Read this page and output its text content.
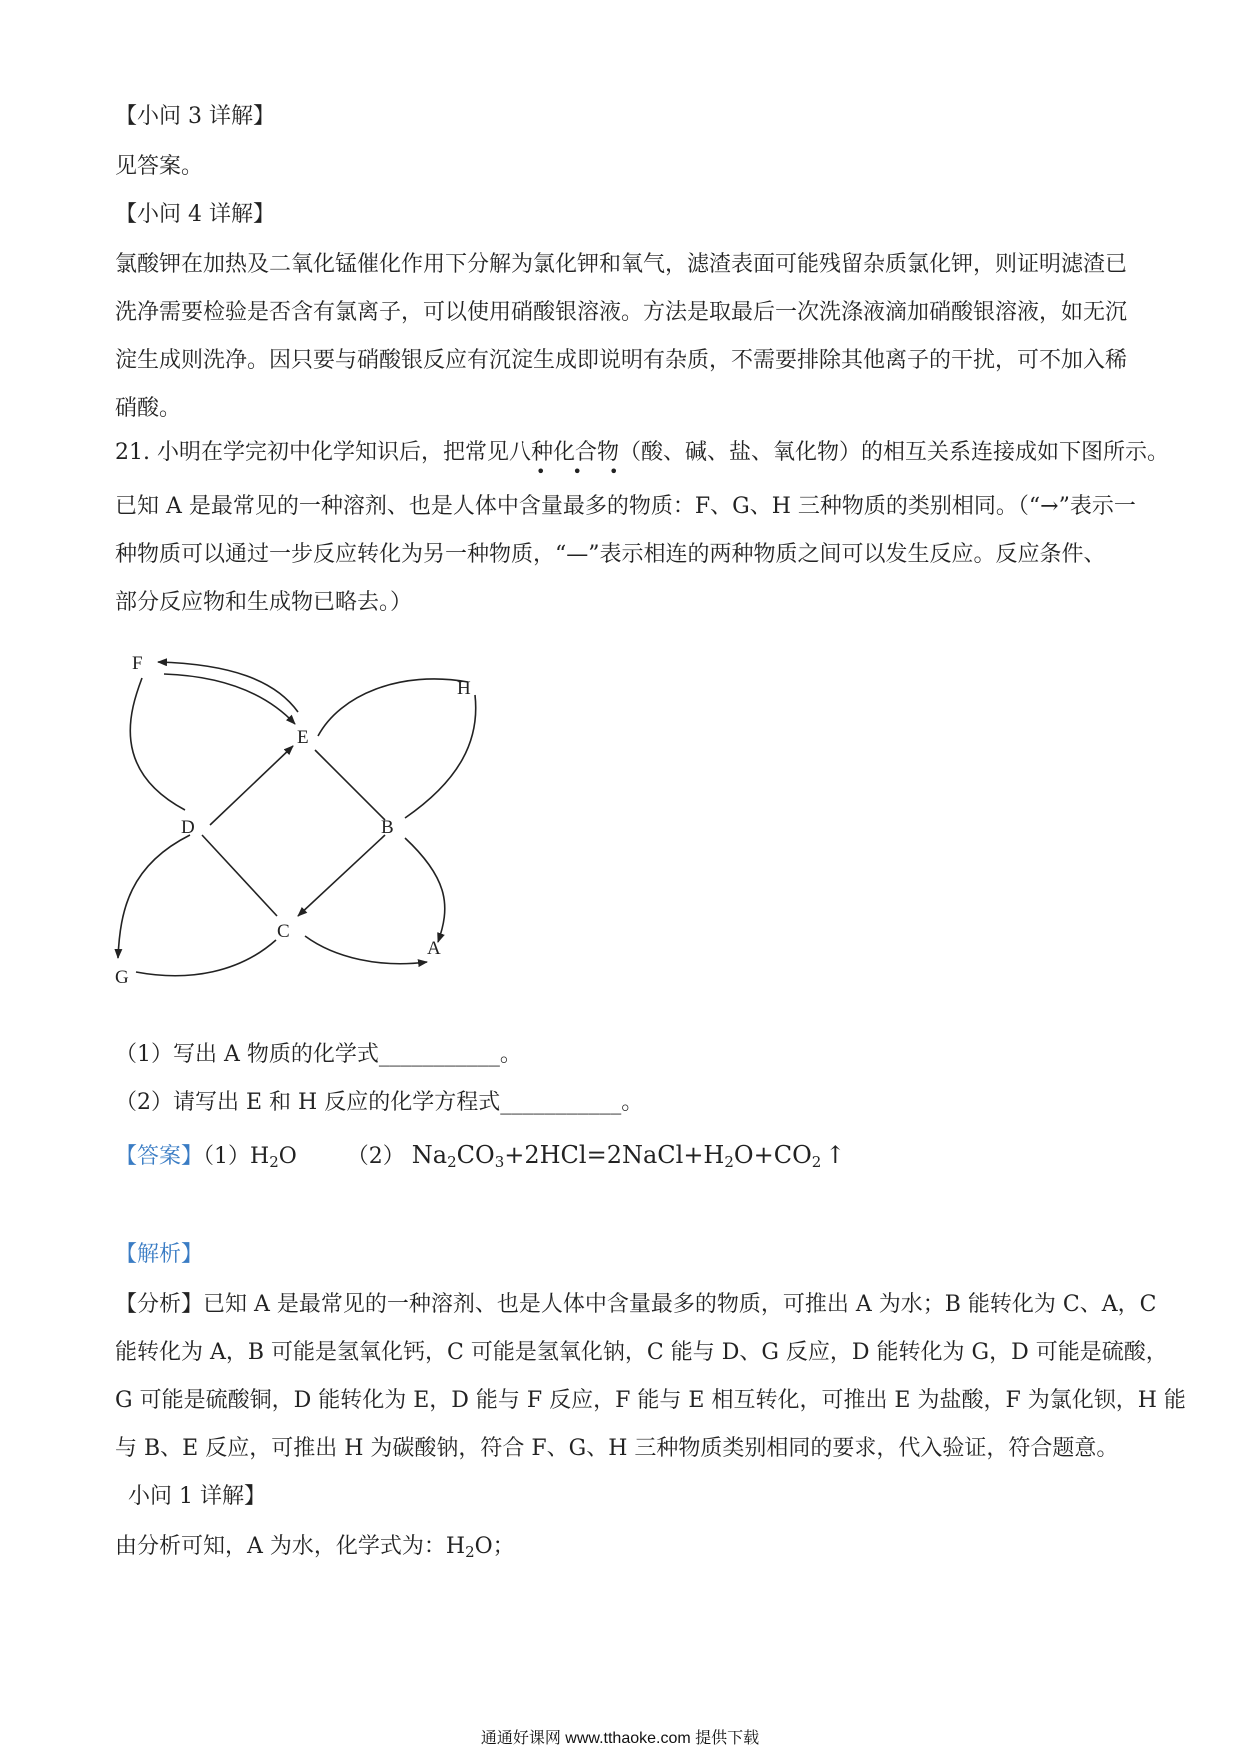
【小问 3 详解】
见答案。
【小问 4 详解】
氯酸钾在加热及二氧化锰催化作用下分解为氯化钾和氧气，滤渣表面可能残留杂质氯化钾，则证明滤渣已
洗净需要检验是否含有氯离子，可以使用硝酸银溶液。方法是取最后一次洗涤液滴加硝酸银溶液，如无沉
淀生成则洗净。因只要与硝酸银反应有沉淀生成即说明有杂质，不需要排除其他离子的干扰，可不加入稀
硝酸。
21. 小明在学完初中化学知识后，把常见八种化合物（酸、碱、盐、氧化物）的相互关系连接成如下图所示。
• • •
已知 A 是最常见的一种溶剂、也是人体中含量最多的物质：F、G、H 三种物质的类别相同。（“→”表示一
种物质可以通过一步反应转化为另一种物质，“—”表示相连的两种物质之间可以发生反应。反应条件、
部分反应物和生成物已略去。）
F
E
H
D	B
C
A
G
（1）写出 A 物质的化学式___________。
（2）请写出 E 和 H 反应的化学方程式___________。
【答案】$(1)H_2O$ （2） $Na_2CO_3+2HCl=2NaCl+H_2O+CO_2$ ↑
【解析】
【分析】已知 A 是最常见的一种溶剂、也是人体中含量最多的物质，可推出 A 为水；B 能转化为 C、A，C
能转化为 A，B 可能是氢氧化钙，C 可能是氢氧化钠，C 能与 D、G 反应，D 能转化为 G，D 可能是硫酸，
G 可能是硫酸铜，D 能转化为 E，D 能与 F 反应，F 能与 E 相互转化，可推出 E 为盐酸，F 为氯化钡，H 能
与 B、E 反应，可推出 H 为碳酸钠，符合 F、G、H 三种物质类别相同的要求，代入验证，符合题意。
小问 1 详解】
由分析可知，A 为水，化学式为：$H_2O$；
通通好课网 www.tthaoke.com 提供下载
